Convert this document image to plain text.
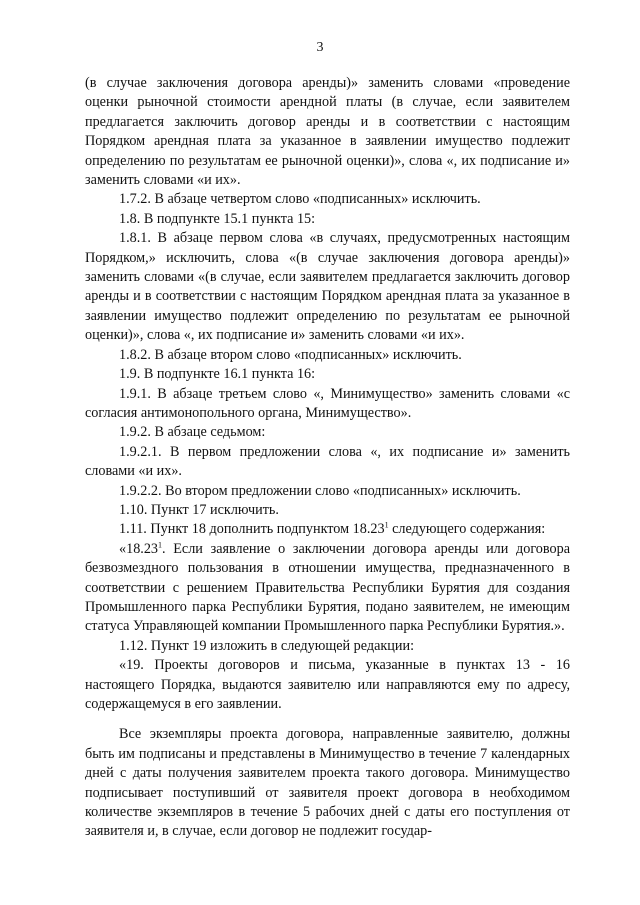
3

(в случае заключения договора аренды)» заменить словами «проведение оценки рыночной стоимости арендной платы (в случае, если заявителем предлагается заключить договор аренды и в соответствии с настоящим Порядком арендная плата за указанное в заявлении имущество подлежит определению по результатам ее рыночной оценки)», слова «, их подписание и» заменить словами «и их».

1.7.2. В абзаце четвертом слово «подписанных» исключить.

1.8. В подпункте 15.1 пункта 15:

1.8.1. В абзаце первом слова «в случаях, предусмотренных настоящим Порядком,» исключить, слова «(в случае заключения договора аренды)» заменить словами «(в случае, если заявителем предлагается заключить договор аренды и в соответствии с настоящим Порядком арендная плата за указанное в заявлении имущество подлежит определению по результатам ее рыночной оценки)», слова «, их подписание и» заменить словами «и их».

1.8.2. В абзаце втором слово «подписанных» исключить.

1.9. В подпункте 16.1 пункта 16:

1.9.1. В абзаце третьем слово «, Минимущество» заменить словами «с согласия антимонопольного органа, Минимущество».

1.9.2. В абзаце седьмом:

1.9.2.1. В первом предложении слова «, их подписание и» заменить словами «и их».

1.9.2.2. Во втором предложении слово «подписанных» исключить.

1.10. Пункт 17 исключить.

1.11. Пункт 18 дополнить подпунктом 18.23$^1$ следующего содержания:

«18.23$^1$. Если заявление о заключении договора аренды или договора безвозмездного пользования в отношении имущества, предназначенного в соответствии с решением Правительства Республики Бурятия для создания Промышленного парка Республики Бурятия, подано заявителем, не имеющим статуса Управляющей компании Промышленного парка Республики Бурятия.».

1.12. Пункт 19 изложить в следующей редакции:

«19. Проекты договоров и письма, указанные в пунктах 13 - 16 настоящего Порядка, выдаются заявителю или направляются ему по адресу, содержащемуся в его заявлении.

Все экземпляры проекта договора, направленные заявителю, должны быть им подписаны и представлены в Минимущество в течение 7 календарных дней с даты получения заявителем проекта такого договора. Минимущество подписывает поступивший от заявителя проект договора в необходимом количестве экземпляров в течение 5 рабочих дней с даты его поступления от заявителя и, в случае, если договор не подлежит государ-
